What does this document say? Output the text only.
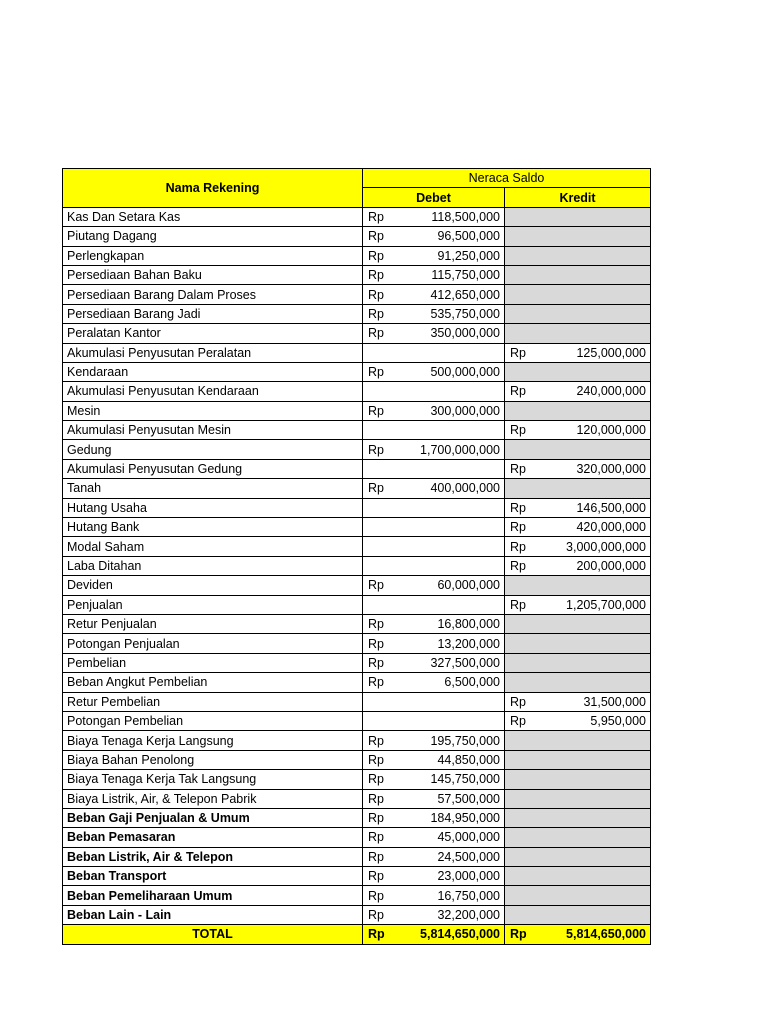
Nama Rekening	Neraca Saldo			
	Debet		Kredit	
Kas Dan Setara Kas	Rp	118,500,000		
Piutang Dagang	Rp	96,500,000		
Perlengkapan	Rp	91,250,000		
Persediaan Bahan Baku	Rp	115,750,000		
Persediaan Barang Dalam Proses	Rp	412,650,000		
Persediaan Barang Jadi	Rp	535,750,000		
Peralatan Kantor	Rp	350,000,000		
Akumulasi Penyusutan Peralatan			Rp	125,000,000
Kendaraan	Rp	500,000,000		
Akumulasi Penyusutan Kendaraan			Rp	240,000,000
Mesin	Rp	300,000,000		
Akumulasi Penyusutan Mesin			Rp	120,000,000
Gedung	Rp	1,700,000,000		
Akumulasi Penyusutan Gedung			Rp	320,000,000
Tanah	Rp	400,000,000		
Hutang Usaha			Rp	146,500,000
Hutang Bank			Rp	420,000,000
Modal Saham			Rp	3,000,000,000
Laba Ditahan			Rp	200,000,000
Deviden	Rp	60,000,000		
Penjualan			Rp	1,205,700,000
Retur Penjualan	Rp	16,800,000		
Potongan Penjualan	Rp	13,200,000		
Pembelian	Rp	327,500,000		
Beban Angkut Pembelian	Rp	6,500,000		
Retur Pembelian			Rp	31,500,000
Potongan Pembelian			Rp	5,950,000
Biaya Tenaga Kerja Langsung	Rp	195,750,000		
Biaya Bahan Penolong	Rp	44,850,000		
Biaya Tenaga Kerja Tak Langsung	Rp	145,750,000		
Biaya Listrik, Air, & Telepon Pabrik	Rp	57,500,000		
Beban Gaji Penjualan & Umum	Rp	184,950,000		
Beban Pemasaran	Rp	45,000,000		
Beban Listrik, Air & Telepon	Rp	24,500,000		
Beban Transport	Rp	23,000,000		
Beban Pemeliharaan Umum	Rp	16,750,000		
Beban Lain - Lain	Rp	32,200,000		
TOTAL	Rp	5,814,650,000	Rp	5,814,650,000
